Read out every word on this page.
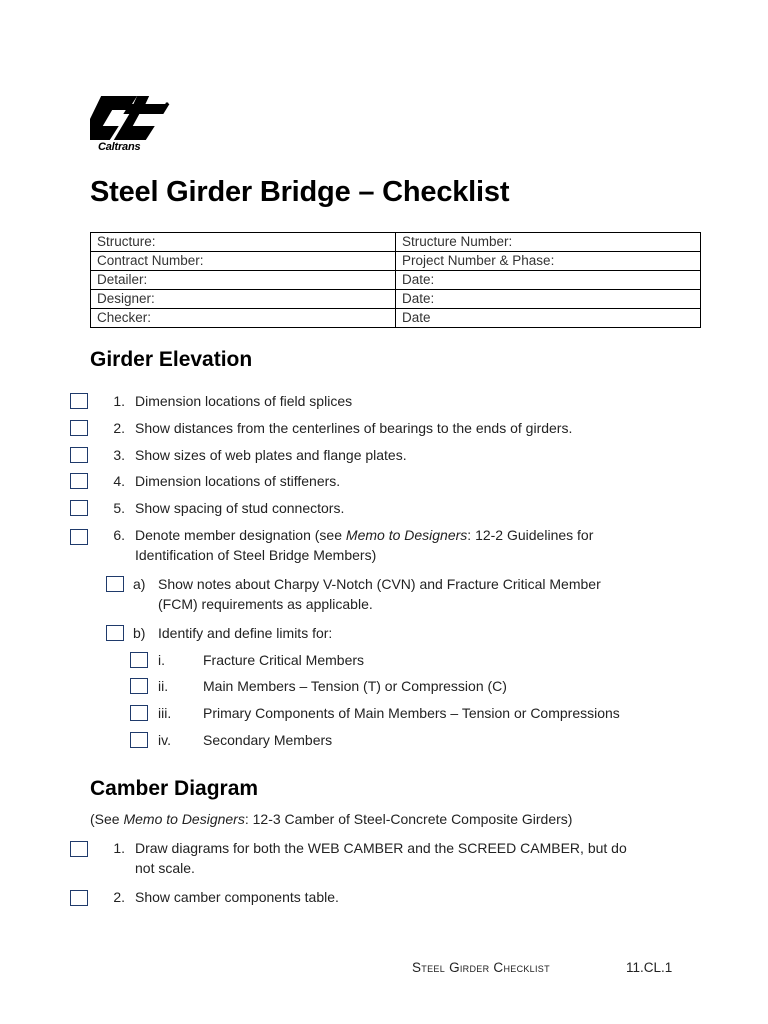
Caltrans
Steel Girder Bridge – Checklist
Structure:	Structure Number:
Contract Number:	Project Number & Phase:
Detailer:	Date:
Designer:	Date:
Checker:	Date
Girder Elevation
1. Dimension locations of field splices
2. Show distances from the centerlines of bearings to the ends of girders.
3. Show sizes of web plates and flange plates.
4. Dimension locations of stiffeners.
5. Show spacing of stud connectors.
6. Denote member designation (see Memo to Designers: 12-2 Guidelines for
Identification of Steel Bridge Members)
a) Show notes about Charpy V-Notch (CVN) and Fracture Critical Member
(FCM) requirements as applicable.
b) Identify and define limits for:
i.	Fracture Critical Members
ii. Main Members – Tension (T) or Compression (C)
iii. Primary Components of Main Members – Tension or Compressions
iv. Secondary Members
Camber Diagram
(See Memo to Designers: 12-3 Camber of Steel-Concrete Composite Girders)
1. Draw diagrams for both the WEB CAMBER and the SCREED CAMBER, but do
not scale.
2. Show camber components table.
Steel Girder Checklist	11.CL.1
